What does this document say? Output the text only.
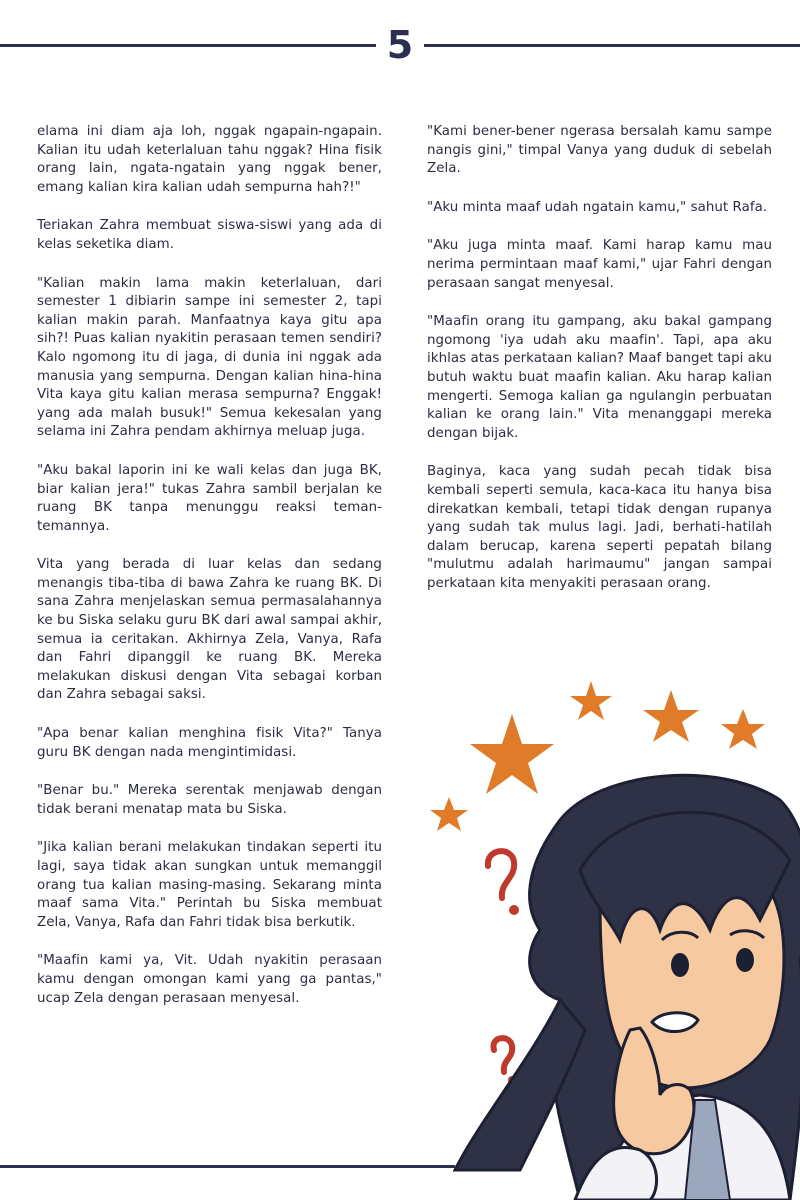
5

elama ini diam aja loh, nggak ngapain-ngapain. Kalian itu udah keterlaluan tahu nggak? Hina fisik orang lain, ngata-ngatain yang nggak bener, emang kalian kira kalian udah sempurna hah?!"

Teriakan Zahra membuat siswa-siswi yang ada di kelas seketika diam.

"Kalian makin lama makin keterlaluan, dari semester 1 dibiarin sampe ini semester 2, tapi kalian makin parah. Manfaatnya kaya gitu apa sih?! Puas kalian nyakitin perasaan temen sendiri? Kalo ngomong itu di jaga, di dunia ini nggak ada manusia yang sempurna. Dengan kalian hina-hina Vita kaya gitu kalian merasa sempurna? Enggak! yang ada malah busuk!" Semua kekesalan yang selama ini Zahra pendam akhirnya meluap juga.

"Aku bakal laporin ini ke wali kelas dan juga BK, biar kalian jera!" tukas Zahra sambil berjalan ke ruang BK tanpa menunggu reaksi teman-temannya.

Vita yang berada di luar kelas dan sedang menangis tiba-tiba di bawa Zahra ke ruang BK. Di sana Zahra menjelaskan semua permasalahannya ke bu Siska selaku guru BK dari awal sampai akhir, semua ia ceritakan. Akhirnya Zela, Vanya, Rafa dan Fahri dipanggil ke ruang BK. Mereka melakukan diskusi dengan Vita sebagai korban dan Zahra sebagai saksi.

"Apa benar kalian menghina fisik Vita?" Tanya guru BK dengan nada mengintimidasi.

"Benar bu." Mereka serentak menjawab dengan tidak berani menatap mata bu Siska.

"Jika kalian berani melakukan tindakan seperti itu lagi, saya tidak akan sungkan untuk memanggil orang tua kalian masing-masing. Sekarang minta maaf sama Vita." Perintah bu Siska membuat Zela, Vanya, Rafa dan Fahri tidak bisa berkutik.

"Maafin kami ya, Vit. Udah nyakitin perasaan kamu dengan omongan kami yang ga pantas," ucap Zela dengan perasaan menyesal.

"Kami bener-bener ngerasa bersalah kamu sampe nangis gini," timpal Vanya yang duduk di sebelah Zela.

"Aku minta maaf udah ngatain kamu," sahut Rafa.

"Aku juga minta maaf. Kami harap kamu mau nerima permintaan maaf kami," ujar Fahri dengan perasaan sangat menyesal.

"Maafin orang itu gampang, aku bakal gampang ngomong 'iya udah aku maafin'. Tapi, apa aku ikhlas atas perkataan kalian? Maaf banget tapi aku butuh waktu buat maafin kalian. Aku harap kalian mengerti. Semoga kalian ga ngulangin perbuatan kalian ke orang lain." Vita menanggapi mereka dengan bijak.

Baginya, kaca yang sudah pecah tidak bisa kembali seperti semula, kaca-kaca itu hanya bisa direkatkan kembali, tetapi tidak dengan rupanya yang sudah tak mulus lagi. Jadi, berhati-hatilah dalam berucap, karena seperti pepatah bilang "mulutmu adalah harimaumu" jangan sampai perkataan kita menyakiti perasaan orang.
